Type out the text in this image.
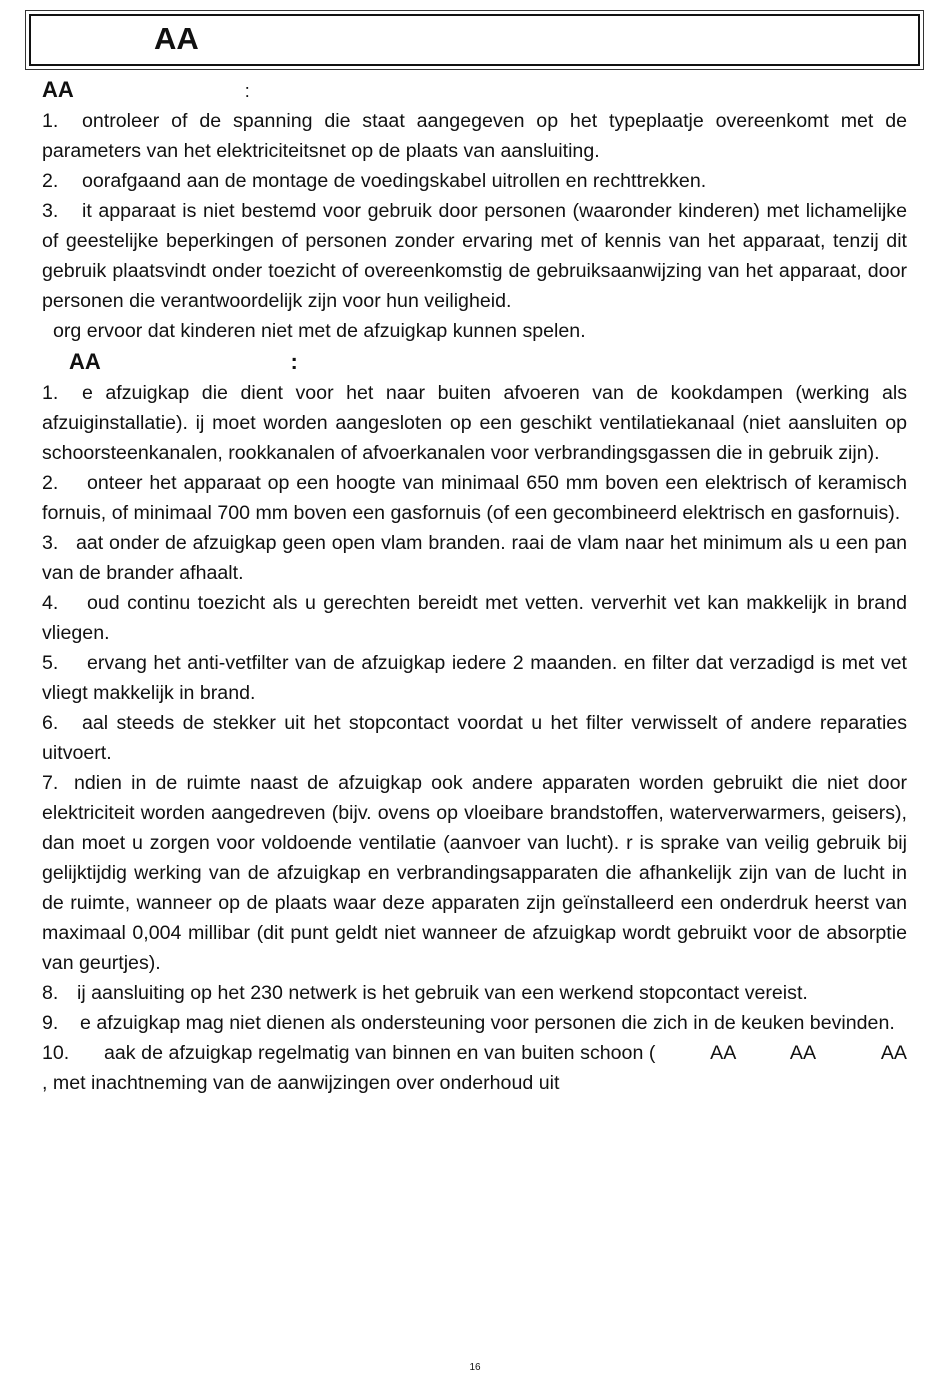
AA
AA	:

1. ontroleer of de spanning die staat aangegeven op het typeplaatje overeenkomt met de parameters van het elektriciteitsnet op de plaats van aansluiting.

2. oorafgaand aan de montage de voedingskabel uitrollen en rechttrekken.

3. it apparaat is niet bestemd voor gebruik door personen (waaronder kinderen) met lichamelijke of geestelijke beperkingen of personen zonder ervaring met of kennis van het apparaat, tenzij dit gebruik plaatsvindt onder toezicht of overeenkomstig de gebruiksaanwijzing van het apparaat, door personen die verantwoordelijk zijn voor hun veiligheid.

org ervoor dat kinderen niet met de afzuigkap kunnen spelen.

AA	:

1. e afzuigkap die dient voor het naar buiten afvoeren van de kookdampen (werking als afzuiginstallatie). ij moet worden aangesloten op een geschikt ventilatiekanaal (niet aansluiten op schoorsteenkanalen, rookkanalen of afvoerkanalen voor verbrandingsgassen die in gebruik zijn).

2. onteer het apparaat op een hoogte van minimaal 650 mm boven een elektrisch of keramisch fornuis, of minimaal 700 mm boven een gasfornuis (of een gecombineerd elektrisch en gasfornuis).

3. aat onder de afzuigkap geen open vlam branden. raai de vlam naar het minimum als u een pan van de brander afhaalt.

4. oud continu toezicht als u gerechten bereidt met vetten. ververhit vet kan makkelijk in brand vliegen.

5. ervang het anti-vetfilter van de afzuigkap iedere 2 maanden. en filter dat verzadigd is met vet vliegt makkelijk in brand.

6. aal steeds de stekker uit het stopcontact voordat u het filter verwisselt of andere reparaties uitvoert.

7. ndien in de ruimte naast de afzuigkap ook andere apparaten worden gebruikt die niet door elektriciteit worden aangedreven (bijv. ovens op vloeibare brandstoffen, waterverwarmers, geisers), dan moet u zorgen voor voldoende ventilatie (aanvoer van lucht). r is sprake van veilig gebruik bij gelijktijdig werking van de afzuigkap en verbrandingsapparaten die afhankelijk zijn van de lucht in de ruimte, wanneer op de plaats waar deze apparaten zijn geïnstalleerd een onderdruk heerst van maximaal 0,004 millibar (dit punt geldt niet wanneer de afzuigkap wordt gebruikt voor de absorptie van geurtjes).

8. ij aansluiting op het 230 netwerk is het gebruik van een werkend stopcontact vereist.

9. e afzuigkap mag niet dienen als ondersteuning voor personen die zich in de keuken bevinden.

10. aak de afzuigkap regelmatig van binnen en van buiten schoon (          AA          AA            AA    , met inachtneming van de aanwijzingen over onderhoud uit

16
